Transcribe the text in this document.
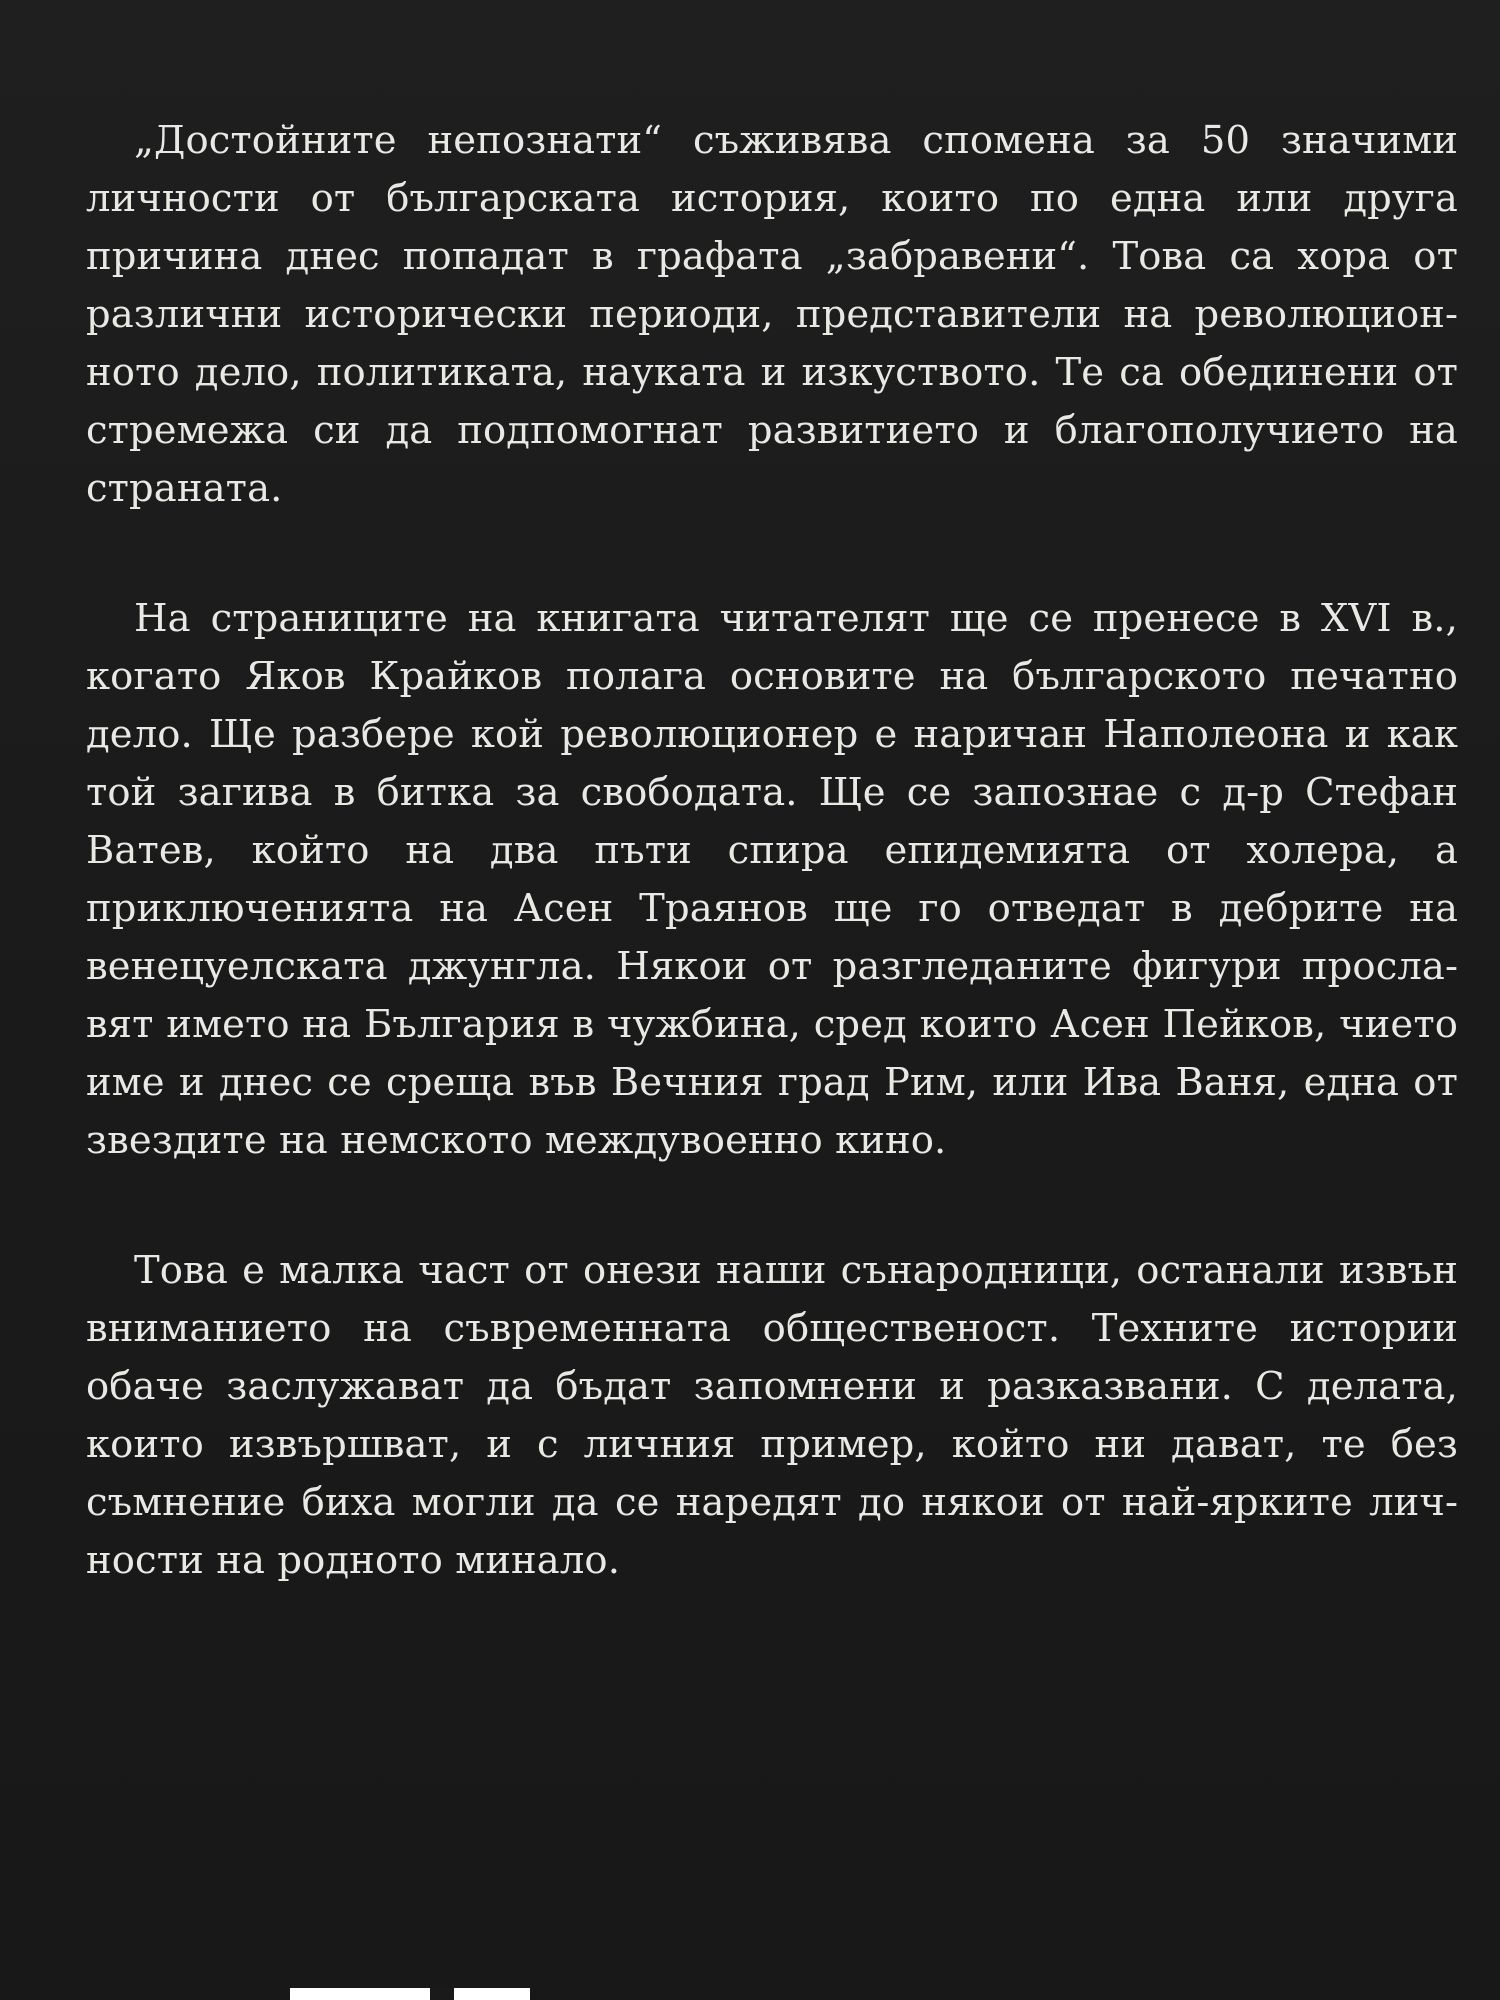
„Достойните непознати“ съживява спомена за 50 значими личности от българската история, които по една или друга причина днес попадат в графата „забравени“. Това са хора от различни исторически периоди, представители на революционното дело, политиката, науката и изкуството. Те са обединени от стремежа си да подпомогнат развитието и благополучието на страната.

На страниците на книгата читателят ще се пренесе в XVI в., когато Яков Крайков полага основите на българското печатно дело. Ще разбере кой революционер е наричан Наполеона и как той загива в битка за свободата. Ще се запознае с д-р Стефан Ватев, който на два пъти спира епидемията от холера, а приключенията на Асен Траянов ще го отведат в дебрите на венецуелската джунгла. Някои от разгледаните фигури прославят името на България в чужбина, сред които Асен Пейков, чието име и днес се среща във Вечния град Рим, или Ива Ваня, една от звездите на немското междувоенно кино.

Това е малка част от онези наши сънародници, останали извън вниманието на съвременната общественост. Техните истории обаче заслужават да бъдат запомнени и разказвани. С делата, които извършват, и с личния пример, който ни дават, те без съмнение биха могли да се наредят до някои от най-ярките личности на родното минало.
